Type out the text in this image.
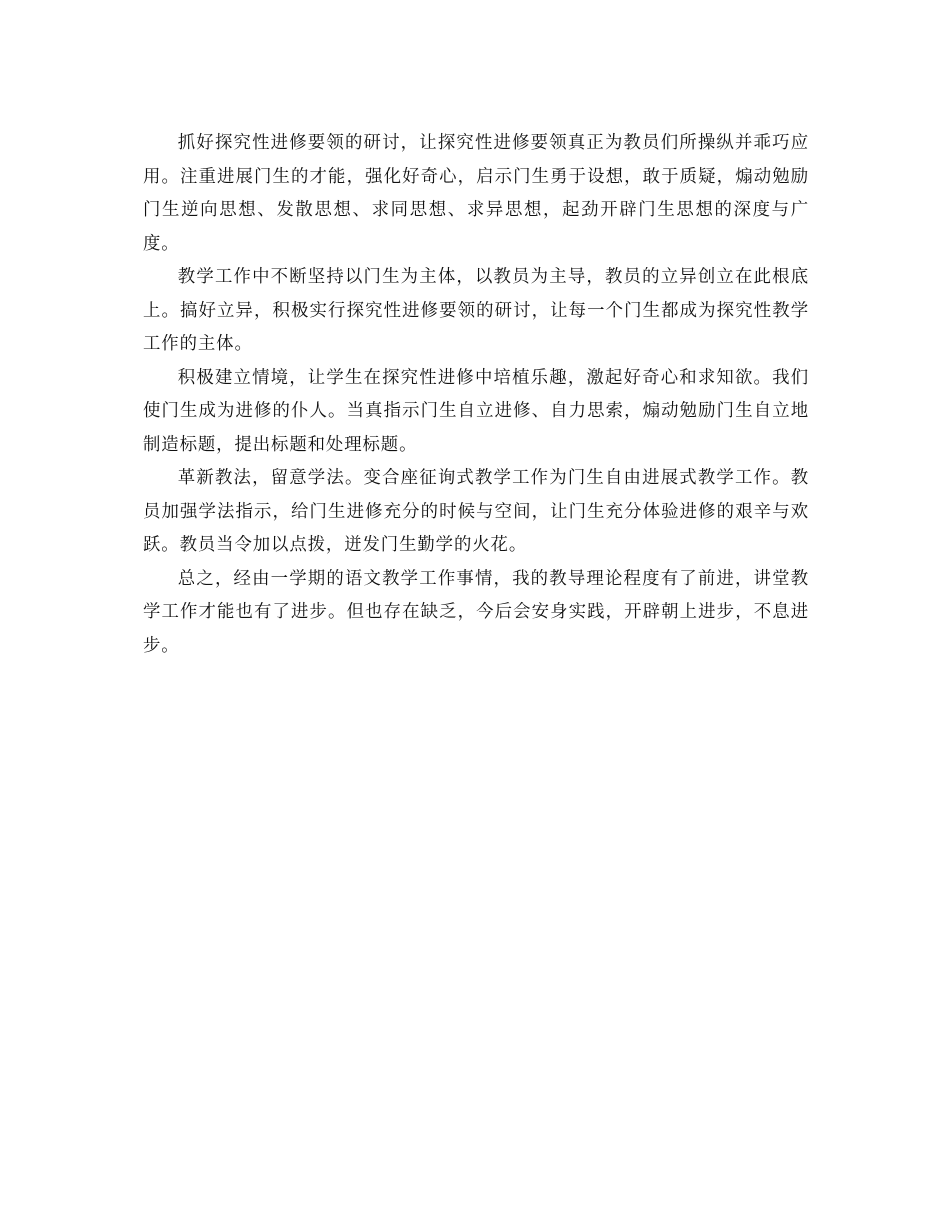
抓好探究性进修要领的研讨，让探究性进修要领真正为教员们所操纵并乖巧应用。注重进展门生的才能，强化好奇心，启示门生勇于设想，敢于质疑，煽动勉励门生逆向思想、发散思想、求同思想、求异思想，起劲开辟门生思想的深度与广度。

教学工作中不断坚持以门生为主体，以教员为主导，教员的立异创立在此根底上。搞好立异，积极实行探究性进修要领的研讨，让每一个门生都成为探究性教学工作的主体。

积极建立情境，让学生在探究性进修中培植乐趣，激起好奇心和求知欲。我们使门生成为进修的仆人。当真指示门生自立进修、自力思索，煽动勉励门生自立地制造标题，提出标题和处理标题。

革新教法，留意学法。变合座征询式教学工作为门生自由进展式教学工作。教员加强学法指示，给门生进修充分的时候与空间，让门生充分体验进修的艰辛与欢跃。教员当令加以点拨，迸发门生勤学的火花。

总之，经由一学期的语文教学工作事情，我的教导理论程度有了前进，讲堂教学工作才能也有了进步。但也存在缺乏，今后会安身实践，开辟朝上进步，不息进步。
